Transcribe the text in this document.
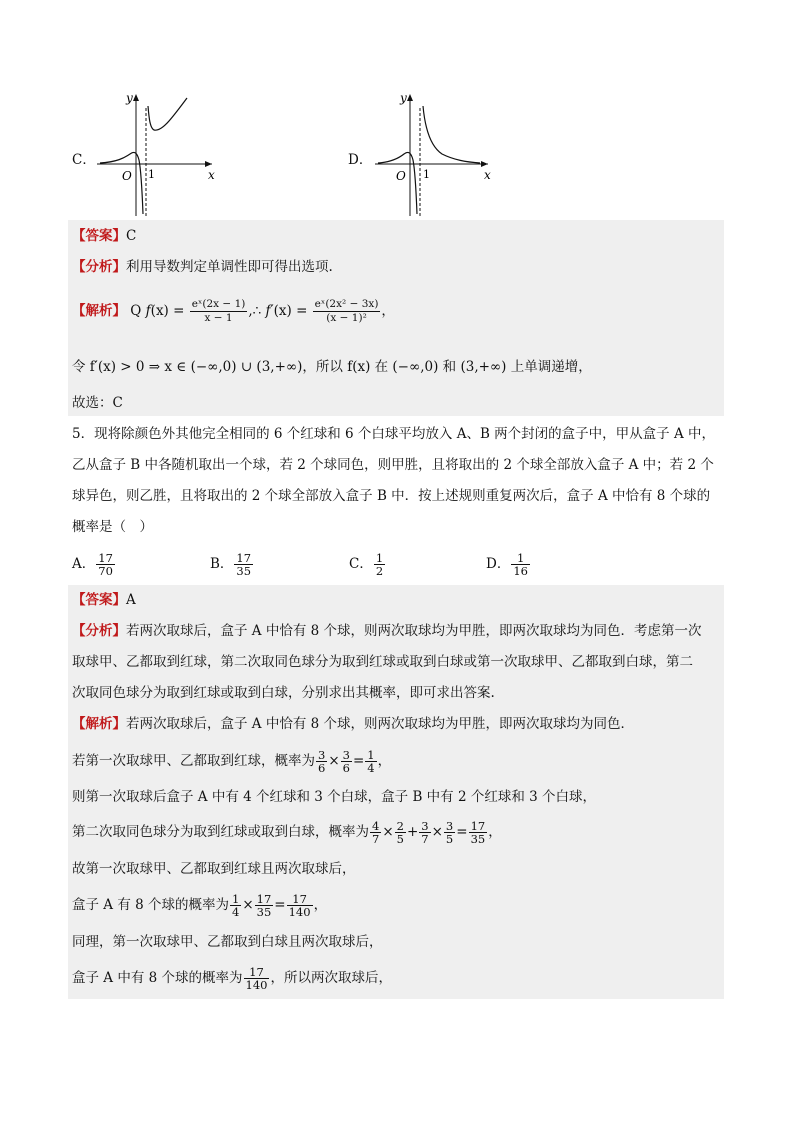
C．
y
x
O 1
D．
y
x
O 1
【答案】C
【分析】利用导数判定单调性即可得出选项.
【解析】 Q $f(x) = \frac{\text{eˣ(2x − 1)}}{x - 1}$ ,∴ $f'(x) = \frac{\text{eˣ(2x² − 3x)}}{\text{(x − 1)²}}$ ，
令 f′(x) > 0 ⇒ x ∈ (−∞,0) ∪ (3,+∞)，所以 f(x) 在 (−∞,0) 和 (3,+∞) 上单调递增，
故选：C
5．现将除颜色外其他完全相同的 6 个红球和 6 个白球平均放入 A、B 两个封闭的盒子中，甲从盒子 A 中，
乙从盒子 B 中各随机取出一个球，若 2 个球同色，则甲胜，且将取出的 2 个球全部放入盒子 A 中；若 2 个
球异色，则乙胜，且将取出的 2 个球全部放入盒子 B 中．按上述规则重复两次后，盒子 A 中恰有 8 个球的
概率是（　）
A． $\frac{17}{70}$	B． $\frac{17}{35}$	C． $\frac{1}{2}$	D． $\frac{1}{16}$
【答案】A
【分析】若两次取球后，盒子 A 中恰有 8 个球，则两次取球均为甲胜，即两次取球均为同色．考虑第一次
取球甲、乙都取到红球，第二次取同色球分为取到红球或取到白球或第一次取球甲、乙都取到白球，第二
次取同色球分为取到红球或取到白球，分别求出其概率，即可求出答案.
【解析】若两次取球后，盒子 A 中恰有 8 个球，则两次取球均为甲胜，即两次取球均为同色．
若第一次取球甲、乙都取到红球，概率为 $\frac{3}{6} \times \frac{3}{6} = \frac{1}{4}$ ，
则第一次取球后盒子 A 中有 4 个红球和 3 个白球，盒子 B 中有 2 个红球和 3 个白球，
第二次取同色球分为取到红球或取到白球，概率为 $\frac{4}{7} \times \frac{2}{5} + \frac{3}{7} \times \frac{3}{5} = \frac{17}{35}$ ，
故第一次取球甲、乙都取到红球且两次取球后，
盒子 A 有 8 个球的概率为 $\frac{1}{4} \times \frac{17}{35} = \frac{17}{140}$ ，
同理，第一次取球甲、乙都取到白球且两次取球后，
盒子 A 中有 8 个球的概率为 $\frac{17}{140}$ ，所以两次取球后，
